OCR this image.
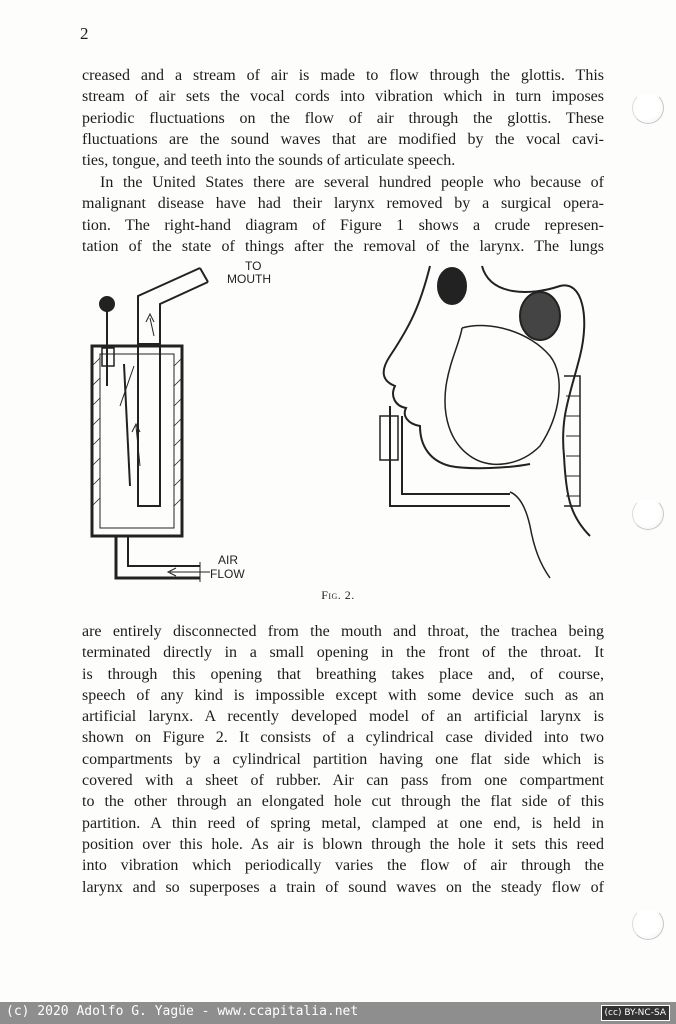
2

creased and a stream of air is made to flow through the glottis. This
stream of air sets the vocal cords into vibration which in turn imposes
periodic fluctuations on the flow of air through the glottis. These
fluctuations are the sound waves that are modified by the vocal cavi-
ties, tongue, and teeth into the sounds of articulate speech.

In the United States there are several hundred people who because of
malignant disease have had their larynx removed by a surgical opera-
tion. The right-hand diagram of Figure 1 shows a crude represen-
tation of the state of things after the removal of the larynx. The lungs

TO
MOUTH
AIR
FLOW
Fig. 2.

are entirely disconnected from the mouth and throat, the trachea being
terminated directly in a small opening in the front of the throat. It
is through this opening that breathing takes place and, of course,
speech of any kind is impossible except with some device such as an
artificial larynx. A recently developed model of an artificial larynx is
shown on Figure 2. It consists of a cylindrical case divided into two
compartments by a cylindrical partition having one flat side which is
covered with a sheet of rubber. Air can pass from one compartment
to the other through an elongated hole cut through the flat side of this
partition. A thin reed of spring metal, clamped at one end, is held in
position over this hole. As air is blown through the hole it sets this reed
into vibration which periodically varies the flow of air through the
larynx and so superposes a train of sound waves on the steady flow of

(c) 2020 Adolfo G. Yagüe - www.ccapitalia.net	(cc) BY-NC-SA
